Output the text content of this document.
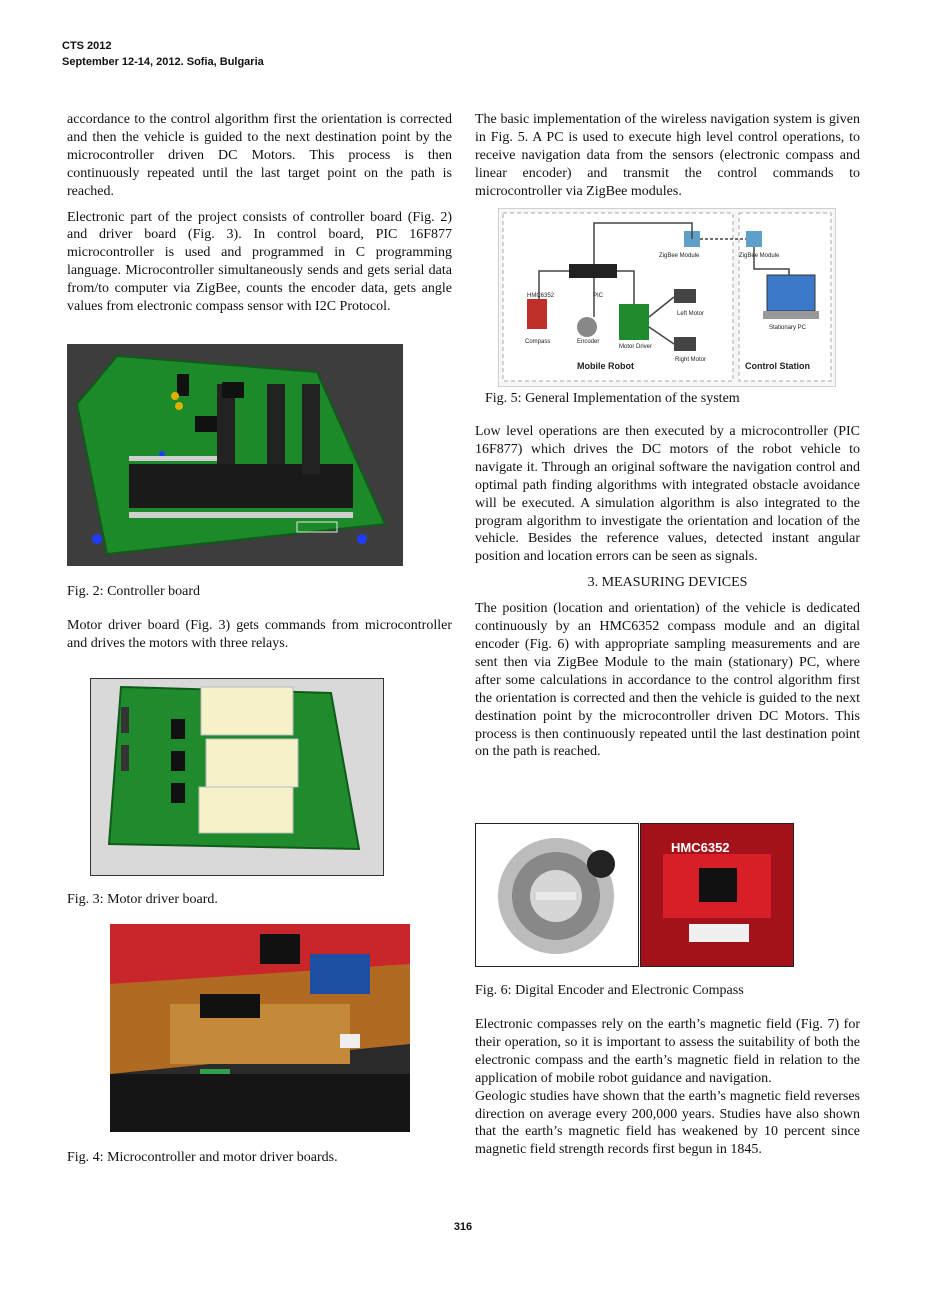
CTS 2012
September 12-14, 2012. Sofia, Bulgaria

accordance to the control algorithm first the orientation is corrected and then the vehicle is guided to the next destination point by the microcontroller driven DC Motors. This process is then continuously repeated until the last target point on the path is reached.

Electronic part of the project consists of controller board (Fig. 2) and driver board (Fig. 3). In control board, PIC 16F877 microcontroller is used and programmed in C programming language. Microcontroller simultaneously sends and gets serial data from/to computer via ZigBee, counts the encoder data, gets angle values from electronic compass sensor with I2C Protocol.

Fig. 2: Controller board

Motor driver board (Fig. 3) gets commands from microcontroller and drives the motors with three relays.

Fig. 3: Motor driver board.
Fig. 4: Microcontroller and motor driver boards.

The basic implementation of the wireless navigation system is given in Fig. 5. A PC is used to execute high level control operations, to receive navigation data from the sensors (electronic compass and linear encoder) and transmit the control commands to microcontroller via ZigBee modules.

ZigBee Module	ZigBee Module
PIC
HMC6352
Compass	Encoder
Motor Driver
Left Motor
Right Motor
Stationary PC
Mobile Robot	Control Station
Fig. 5: General Implementation of the system

Low level operations are then executed by a microcontroller (PIC 16F877) which drives the DC motors of the robot vehicle to navigate it. Through an original software the navigation control and optimal path finding algorithms with integrated obstacle avoidance will be executed. A simulation algorithm is also integrated to the program algorithm to investigate the orientation and location of the vehicle. Besides the reference values, detected instant angular position and location errors can be seen as signals.

3. MEASURING DEVICES

The position (location and orientation) of the vehicle is dedicated continuously by an HMC6352 compass module and an digital encoder (Fig. 6) with appropriate sampling measurements and are sent then via ZigBee Module to the main (stationary) PC, where after some calculations in accordance to the control algorithm first the orientation is corrected and then the vehicle is guided to the next destination point by the microcontroller driven DC Motors. This process is then continuously repeated until the last destination point on the path is reached.

HMC6352
Fig. 6: Digital Encoder and Electronic Compass

Electronic compasses rely on the earth’s magnetic field (Fig. 7) for their operation, so it is important to assess the suitability of both the electronic compass and the earth’s magnetic field in relation to the application of mobile robot guidance and navigation.

Geologic studies have shown that the earth’s magnetic field reverses direction on average every 200,000 years. Studies have also shown that the earth’s magnetic field has weakened by 10 percent since magnetic field strength records first begun in 1845.

316
